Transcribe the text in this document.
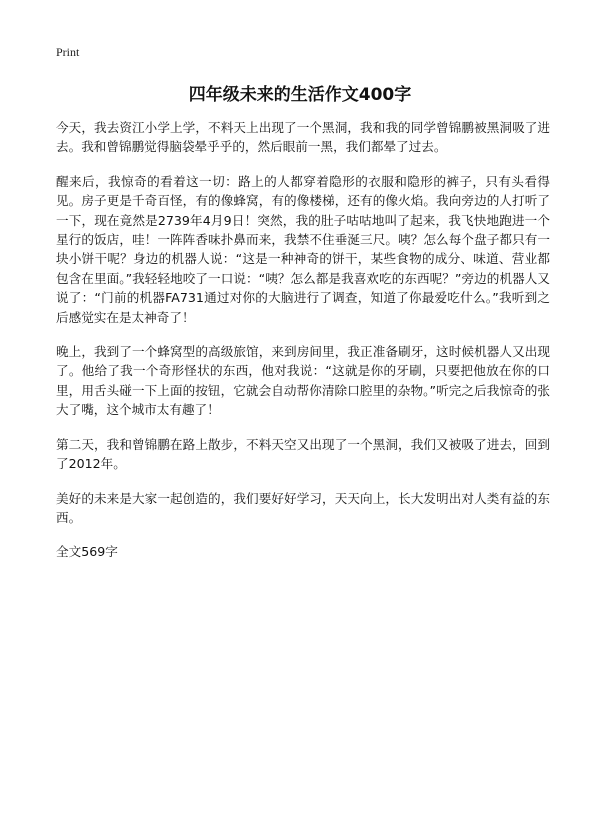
Print
四年级未来的生活作文400字

今天，我去资江小学上学，不料天上出现了一个黑洞，我和我的同学曾锦鹏被黑洞吸了进去。我和曾锦鹏觉得脑袋晕乎乎的，然后眼前一黑，我们都晕了过去。

醒来后，我惊奇的看着这一切：路上的人都穿着隐形的衣服和隐形的裤子，只有头看得见。房子更是千奇百怪，有的像蜂窝，有的像楼梯，还有的像火焰。我向旁边的人打听了一下，现在竟然是2739年4月9日！突然，我的肚子咕咕地叫了起来，我飞快地跑进一个星行的饭店，哇！一阵阵香味扑鼻而来，我禁不住垂涎三尺。咦？怎么每个盘子都只有一块小饼干呢？身边的机器人说：“这是一种神奇的饼干，某些食物的成分、味道、营业都包含在里面。”我轻轻地咬了一口说：“咦？怎么都是我喜欢吃的东西呢？”旁边的机器人又说了：“门前的机器FA731通过对你的大脑进行了调查，知道了你最爱吃什么。”我听到之后感觉实在是太神奇了！

晚上，我到了一个蜂窝型的高级旅馆，来到房间里，我正准备刷牙，这时候机器人又出现了。他给了我一个奇形怪状的东西，他对我说：“这就是你的牙刷，只要把他放在你的口里，用舌头碰一下上面的按钮，它就会自动帮你清除口腔里的杂物。”听完之后我惊奇的张大了嘴，这个城市太有趣了！

第二天，我和曾锦鹏在路上散步，不料天空又出现了一个黑洞，我们又被吸了进去，回到了2012年。

美好的未来是大家一起创造的，我们要好好学习，天天向上，长大发明出对人类有益的东西。

全文569字
